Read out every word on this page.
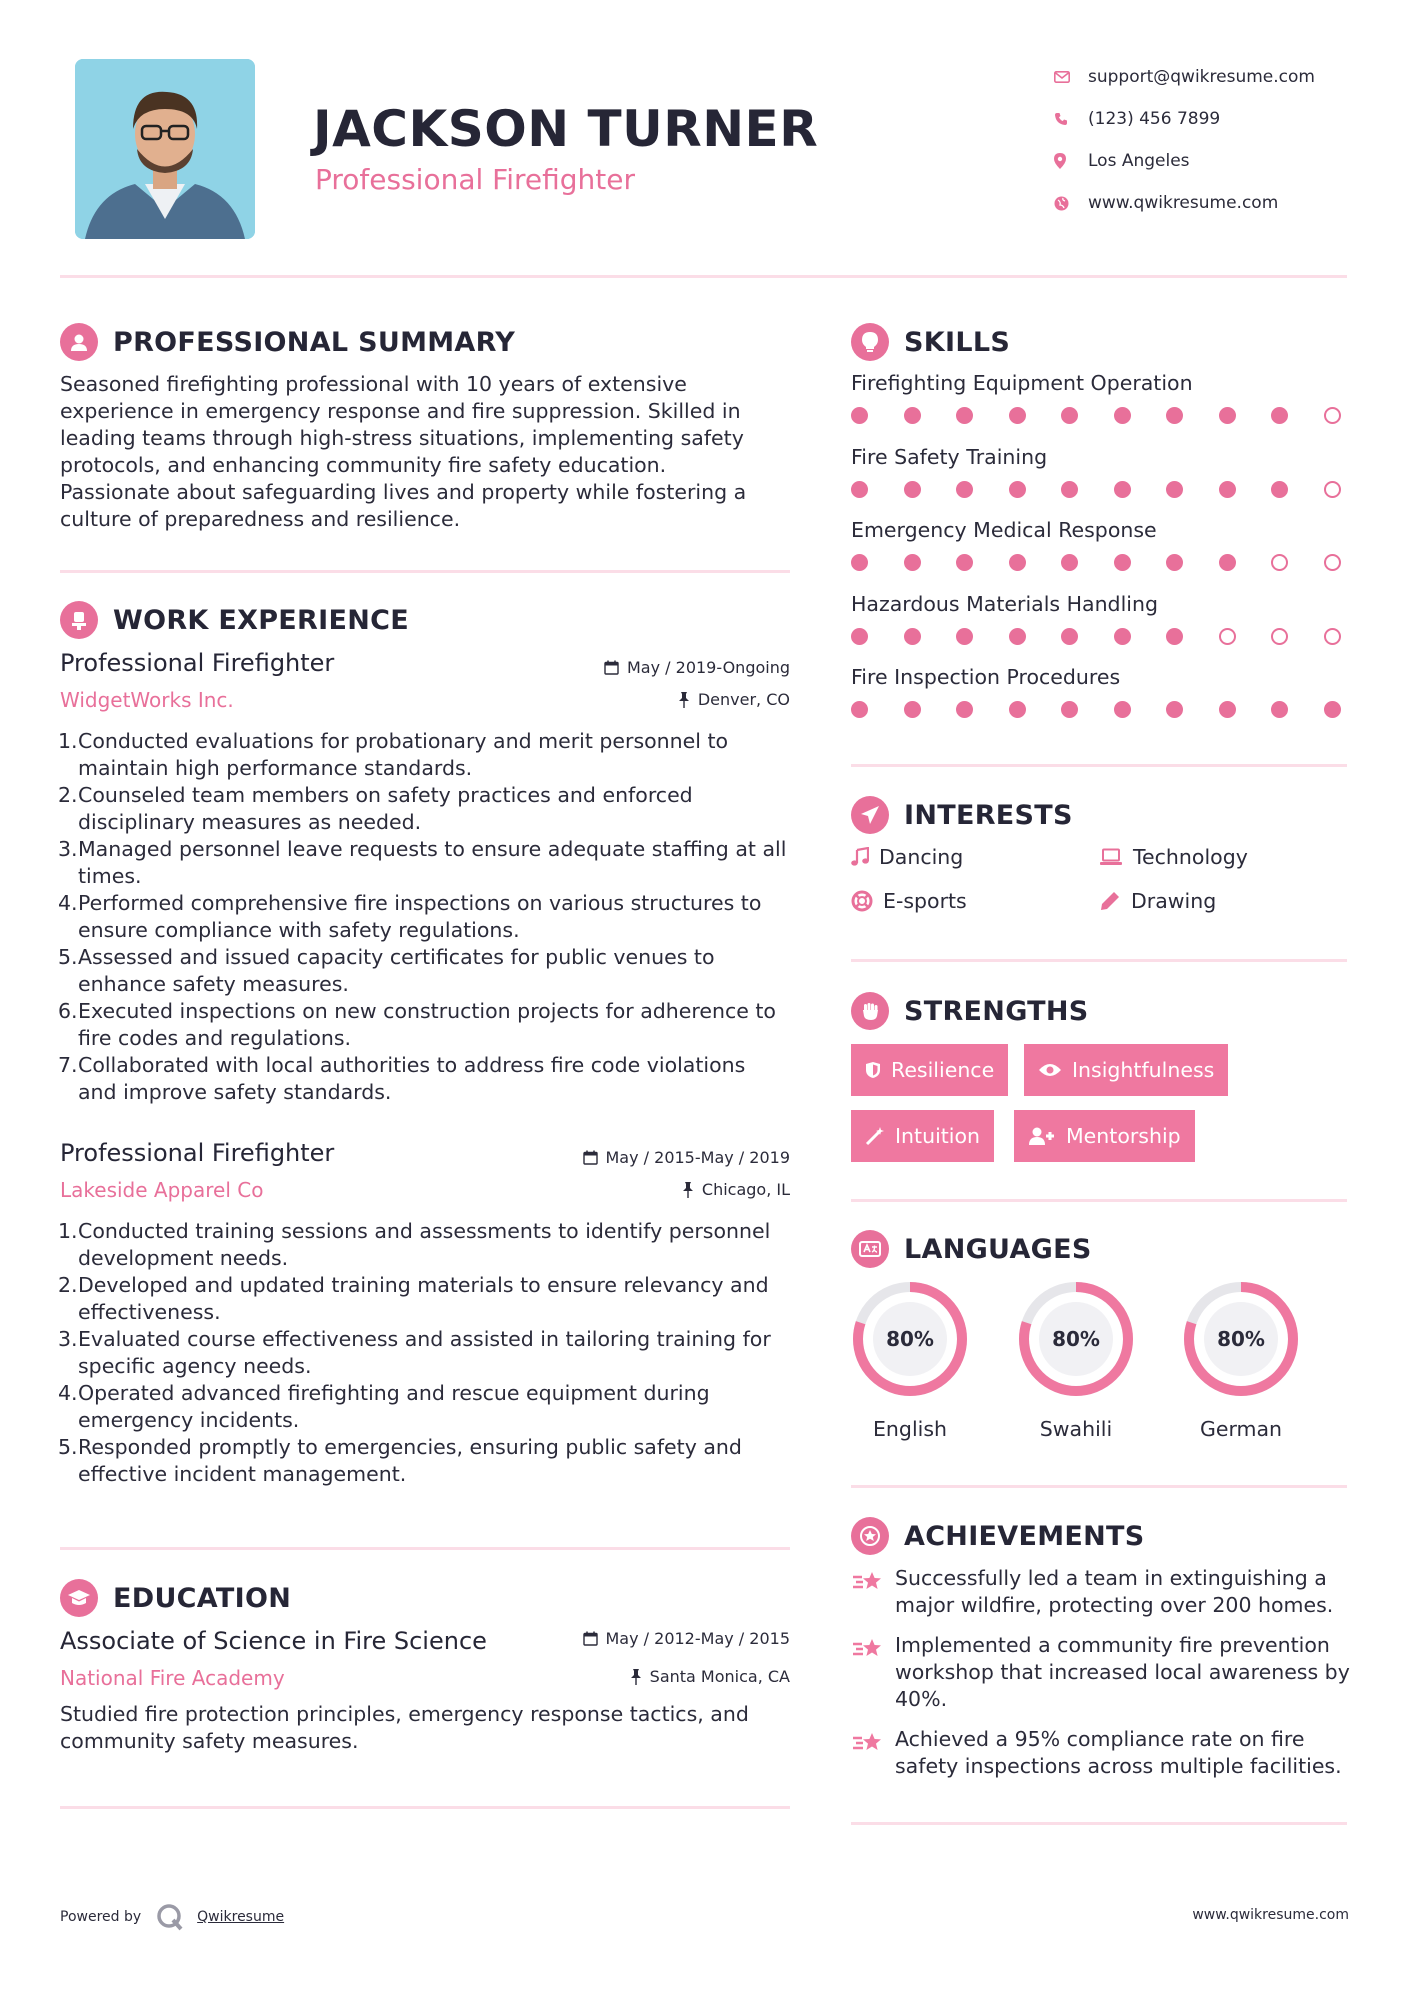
JACKSON TURNER
Professional Firefighter
support@qwikresume.com
(123) 456 7899
Los Angeles
www.qwikresume.com
PROFESSIONAL SUMMARY

Seasoned firefighting professional with 10 years of extensive experience in emergency response and fire suppression. Skilled in leading teams through high-stress situations, implementing safety protocols, and enhancing community fire safety education. Passionate about safeguarding lives and property while fostering a culture of preparedness and resilience.

WORK EXPERIENCE
Professional Firefighter	May / 2019-Ongoing
WidgetWorks Inc.	Denver, CO
1. Conducted evaluations for probationary and merit personnel to maintain high performance standards.
2. Counseled team members on safety practices and enforced disciplinary measures as needed.
3. Managed personnel leave requests to ensure adequate staffing at all times.
4. Performed comprehensive fire inspections on various structures to ensure compliance with safety regulations.
5. Assessed and issued capacity certificates for public venues to enhance safety measures.
6. Executed inspections on new construction projects for adherence to fire codes and regulations.
7. Collaborated with local authorities to address fire code violations and improve safety standards.
Professional Firefighter	May / 2015-May / 2019
Lakeside Apparel Co	Chicago, IL
1. Conducted training sessions and assessments to identify personnel development needs.
2. Developed and updated training materials to ensure relevancy and effectiveness.
3. Evaluated course effectiveness and assisted in tailoring training for specific agency needs.
4. Operated advanced firefighting and rescue equipment during emergency incidents.
5. Responded promptly to emergencies, ensuring public safety and effective incident management.
EDUCATION
Associate of Science in Fire Science	May / 2012-May / 2015
National Fire Academy	Santa Monica, CA

Studied fire protection principles, emergency response tactics, and community safety measures.

SKILLS
Firefighting Equipment Operation
Fire Safety Training
Emergency Medical Response
Hazardous Materials Handling
Fire Inspection Procedures
INTERESTS
Dancing	Technology
E-sports	Drawing
STRENGTHS
Resilience	Insightfulness
Intuition	Mentorship
LANGUAGES
80%
English
80%
Swahili
80%
German
ACHIEVEMENTS
Successfully led a team in extinguishing a major wildfire, protecting over 200 homes.
Implemented a community fire prevention workshop that increased local awareness by 40%.
Achieved a 95% compliance rate on fire safety inspections across multiple facilities.
Powered by	Qwikresume	www.qwikresume.com
